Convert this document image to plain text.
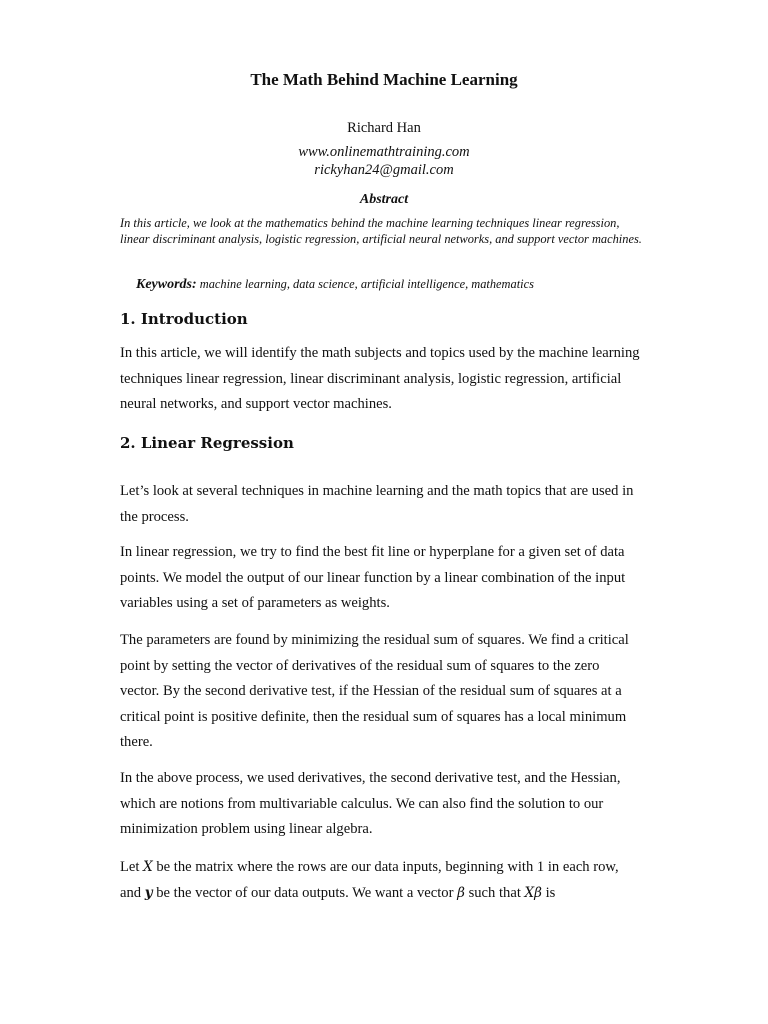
The Math Behind Machine Learning
Richard Han
www.onlinemathtraining.com
rickyhan24@gmail.com
Abstract
In this article, we look at the mathematics behind the machine learning techniques linear regression, linear discriminant analysis, logistic regression, artificial neural networks, and support vector machines.
Keywords: machine learning, data science, artificial intelligence, mathematics
1. Introduction
In this article, we will identify the math subjects and topics used by the machine learning techniques linear regression, linear discriminant analysis, logistic regression, artificial neural networks, and support vector machines.
2. Linear Regression
Let’s look at several techniques in machine learning and the math topics that are used in the process.
In linear regression, we try to find the best fit line or hyperplane for a given set of data points. We model the output of our linear function by a linear combination of the input variables using a set of parameters as weights.
The parameters are found by minimizing the residual sum of squares. We find a critical point by setting the vector of derivatives of the residual sum of squares to the zero vector. By the second derivative test, if the Hessian of the residual sum of squares at a critical point is positive definite, then the residual sum of squares has a local minimum there.
In the above process, we used derivatives, the second derivative test, and the Hessian, which are notions from multivariable calculus. We can also find the solution to our minimization problem using linear algebra.
Let X be the matrix where the rows are our data inputs, beginning with 1 in each row, and y be the vector of our data outputs. We want a vector β such that Xβ is
